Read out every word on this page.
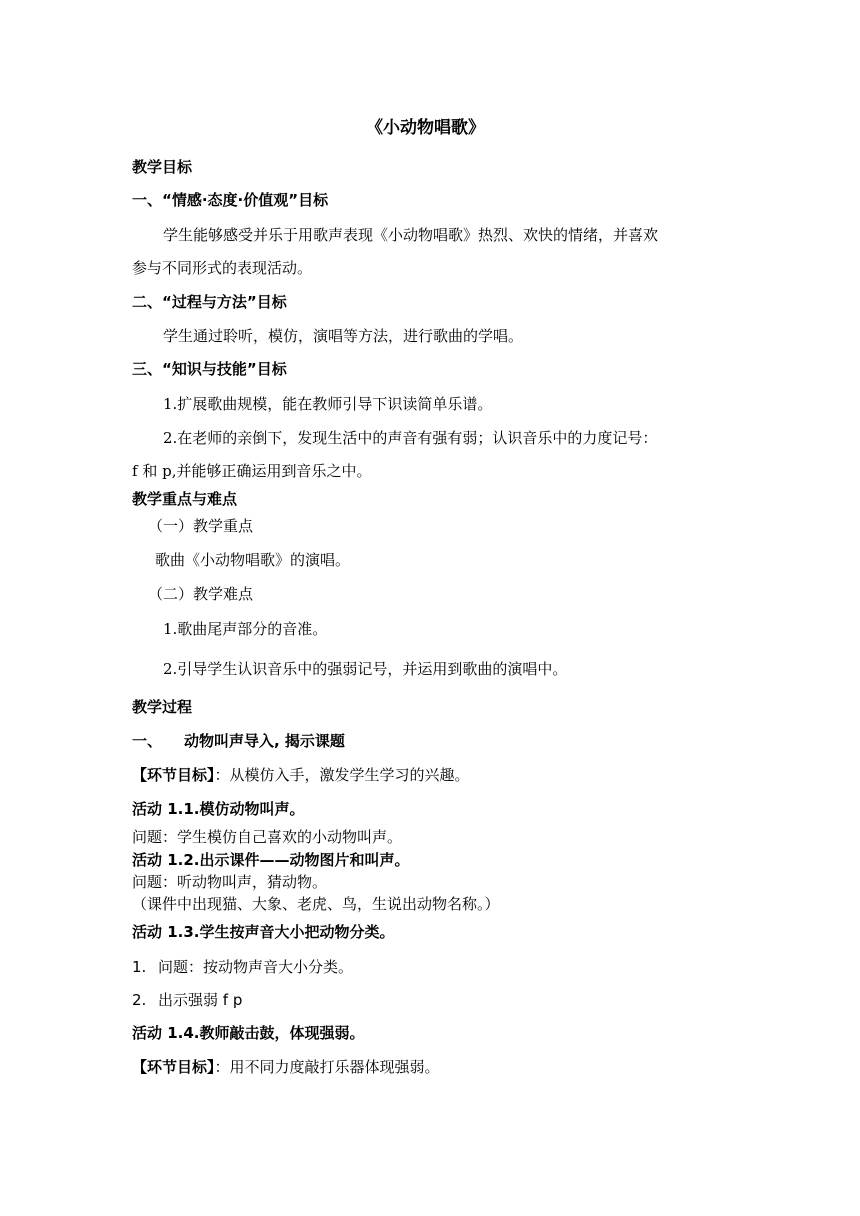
《小动物唱歌》
教学目标
一、“情感·态度·价值观”目标
学生能够感受并乐于用歌声表现《小动物唱歌》热烈、欢快的情绪，并喜欢
参与不同形式的表现活动。
二、“过程与方法”目标
学生通过聆听，模仿，演唱等方法，进行歌曲的学唱。
三、“知识与技能”目标
1.扩展歌曲规模，能在教师引导下识读简单乐谱。
2.在老师的亲倒下，发现生活中的声音有强有弱；认识音乐中的力度记号：
f 和 p,并能够正确运用到音乐之中。
教学重点与难点
（一）教学重点
歌曲《小动物唱歌》的演唱。
（二）教学难点
1.歌曲尾声部分的音准。
2.引导学生认识音乐中的强弱记号，并运用到歌曲的演唱中。
教学过程
一、 动物叫声导入, 揭示课题
【环节目标】：从模仿入手，激发学生学习的兴趣。
活动 1.1.模仿动物叫声。
问题：学生模仿自己喜欢的小动物叫声。
活动 1.2.出示课件——动物图片和叫声。
问题：听动物叫声，猜动物。
（课件中出现猫、大象、老虎、鸟，生说出动物名称。）
活动 1.3.学生按声音大小把动物分类。
1. 问题：按动物声音大小分类。
2. 出示强弱 f p
活动 1.4.教师敲击鼓，体现强弱。
【环节目标】：用不同力度敲打乐器体现强弱。
